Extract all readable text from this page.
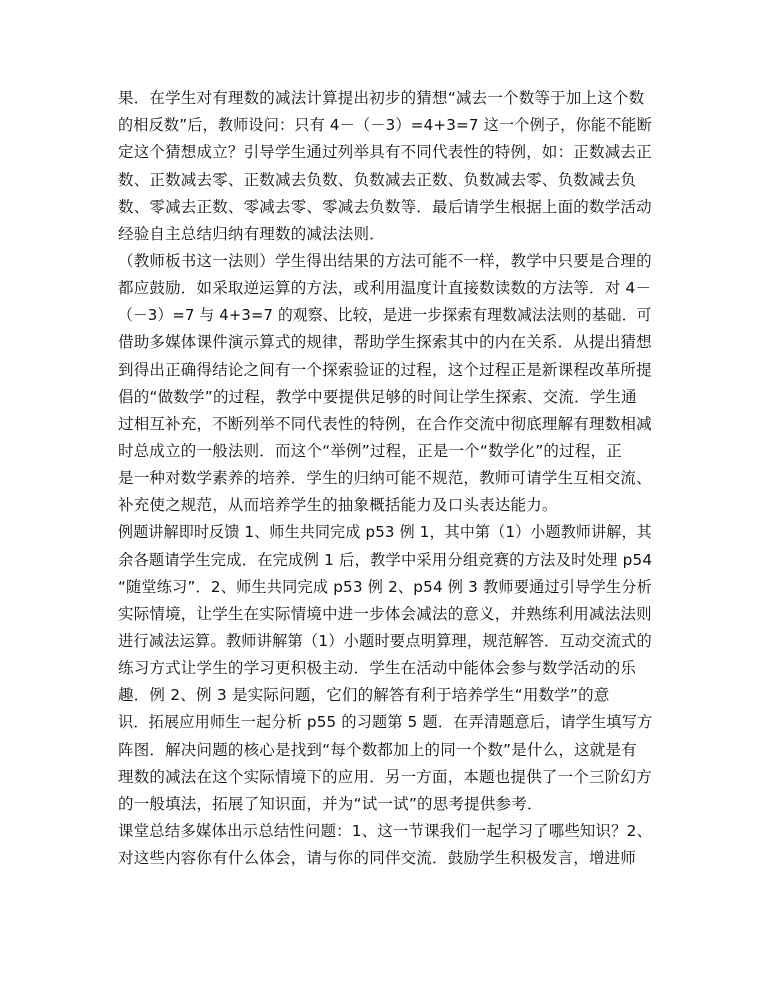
果．在学生对有理数的减法计算提出初步的猜想“减去一个数等于加上这个数
的相反数”后，教师设问：只有 4－（－3）=4+3=7 这一个例子，你能不能断
定这个猜想成立？引导学生通过列举具有不同代表性的特例，如：正数减去正
数、正数减去零、正数减去负数、负数减去正数、负数减去零、负数减去负
数、零减去正数、零减去零、零减去负数等．最后请学生根据上面的数学活动
经验自主总结归纳有理数的减法法则．
（教师板书这一法则）学生得出结果的方法可能不一样，教学中只要是合理的
都应鼓励．如采取逆运算的方法，或利用温度计直接数读数的方法等．对 4－
（－3）=7 与 4+3=7 的观察、比较，是进一步探索有理数减法法则的基础．可
借助多媒体课件演示算式的规律，帮助学生探索其中的内在关系．从提出猜想
到得出正确得结论之间有一个探索验证的过程，这个过程正是新课程改革所提
倡的“做数学”的过程，教学中要提供足够的时间让学生探索、交流．学生通
过相互补充，不断列举不同代表性的特例，在合作交流中彻底理解有理数相减
时总成立的一般法则．而这个“举例”过程，正是一个“数学化”的过程，正
是一种对数学素养的培养．学生的归纳可能不规范，教师可请学生互相交流、
补充使之规范，从而培养学生的抽象概括能力及口头表达能力。
例题讲解即时反馈 1、师生共同完成 p53 例 1，其中第（1）小题教师讲解，其
余各题请学生完成．在完成例 1 后，教学中采用分组竞赛的方法及时处理 p54
“随堂练习”．2、师生共同完成 p53 例 2、p54 例 3 教师要通过引导学生分析
实际情境，让学生在实际情境中进一步体会减法的意义，并熟练利用减法法则
进行减法运算。教师讲解第（1）小题时要点明算理，规范解答．互动交流式的
练习方式让学生的学习更积极主动．学生在活动中能体会参与数学活动的乐
趣．例 2、例 3 是实际问题，它们的解答有利于培养学生“用数学”的意
识．拓展应用师生一起分析 p55 的习题第 5 题．在弄清题意后，请学生填写方
阵图．解决问题的核心是找到“每个数都加上的同一个数”是什么，这就是有
理数的减法在这个实际情境下的应用．另一方面，本题也提供了一个三阶幻方
的一般填法，拓展了知识面，并为“试一试”的思考提供参考．
课堂总结多媒体出示总结性问题：1、这一节课我们一起学习了哪些知识？2、
对这些内容你有什么体会，请与你的同伴交流．鼓励学生积极发言，增进师
